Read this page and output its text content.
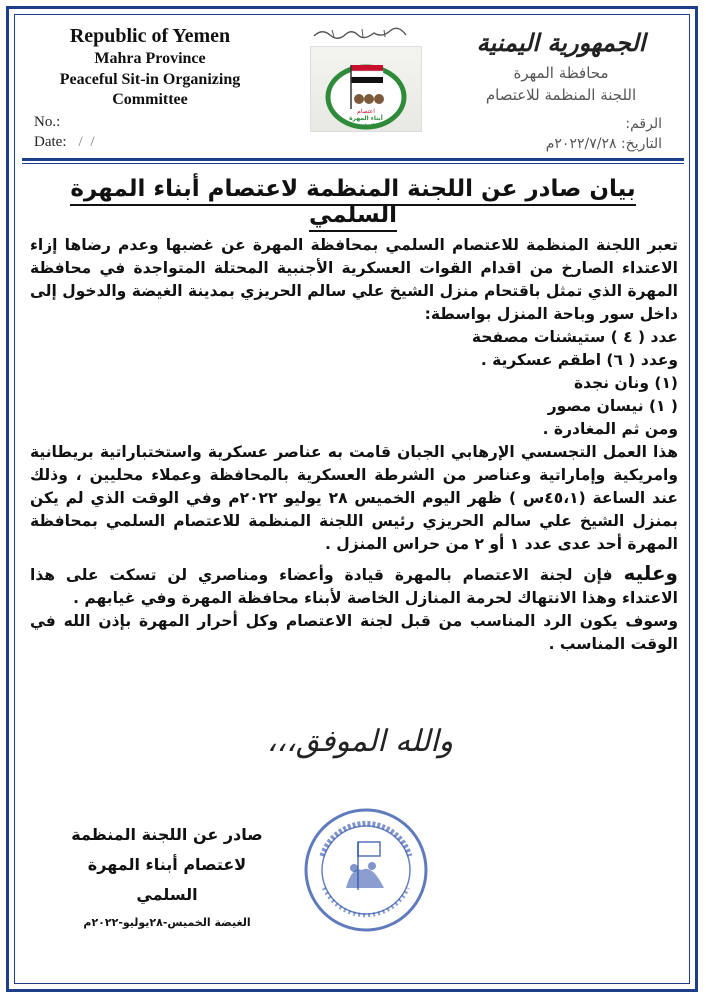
Republic of Yemen
Mahra Province
Peaceful Sit-in Organizing
Committee
No.:
Date: / /
اعتصام
أبناء المهرة
السلمي
الجمهورية اليمنية
محافظة المهرة
اللجنة المنظمة للاعتصام
الرقم:
التاريخ: ٢٠٢٢/٧/٢٨م
بيان صادر عن اللجنة المنظمة لاعتصام أبناء المهرة السلمي

تعبر اللجنة المنظمة للاعتصام السلمي بمحافظة المهرة عن غضبها وعدم رضاها إزاء الاعتداء الصارخ من اقدام القوات العسكرية الأجنبية المحتلة المتواجدة في محافظة المهرة الذي تمثل باقتحام منزل الشيخ علي سالم الحريزي بمدينة الغيضة والدخول إلى داخل سور وباحة المنزل بواسطة:

عدد ( ٤ ) ستيشنات مصفحة

وعدد ( ٦) اطقم عسكرية .

(١) ونان نجدة

( ١) نيسان مصور

ومن ثم المغادرة .

هذا العمل التجسسي الإرهابي الجبان قامت به عناصر عسكرية واستختباراتية بريطانية وامريكية وإماراتية وعناصر من الشرطة العسكرية بالمحافظة وعملاء محليين ، وذلك عند الساعة (٤٥،١س ) ظهر اليوم الخميس ٢٨ يوليو ٢٠٢٢م وفي الوقت الذي لم يكن بمنزل الشيخ علي سالم الحريزي رئيس اللجنة المنظمة للاعتصام السلمي بمحافظة المهرة أحد عدى عدد ١ أو ٢ من حراس المنزل .

وعليه فإن لجنة الاعتصام بالمهرة قيادة وأعضاء ومناصري لن تسكت على هذا الاعتداء وهذا الانتهاك لحرمة المنازل الخاصة لأبناء محافظة المهرة وفي غيابهم .

وسوف يكون الرد المناسب من قبل لجنة الاعتصام وكل أحرار المهرة بإذن الله في الوقت المناسب .

والله الموفق،،،
صادر عن اللجنة المنظمة
لاعتصام أبناء المهرة السلمي
الغيضة الخميس-٢٨يوليو-٢٠٢٢م
